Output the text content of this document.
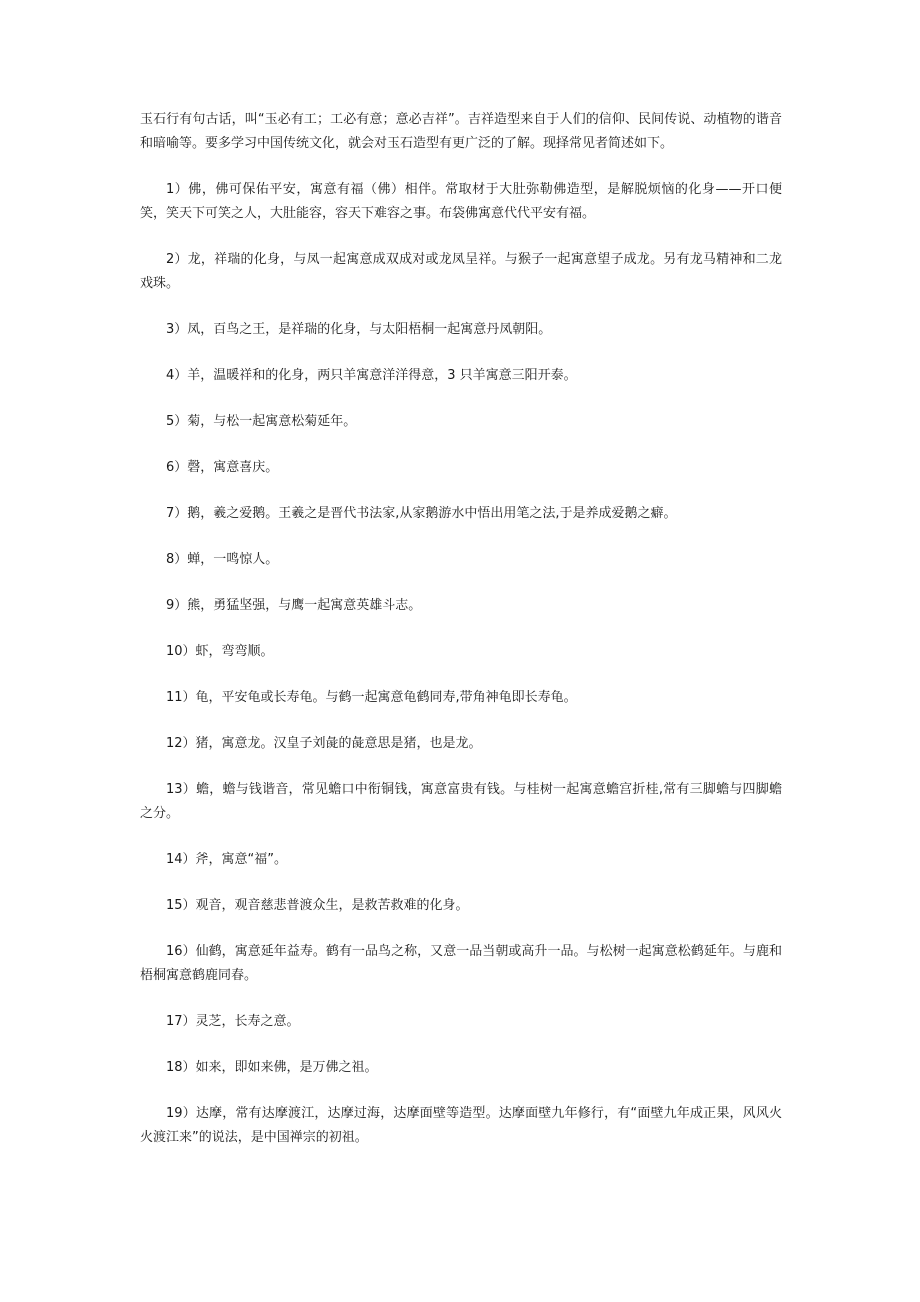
玉石行有句古话，叫“玉必有工；工必有意；意必吉祥”。吉祥造型来自于人们的信仰、民间传说、动植物的谐音和暗喻等。要多学习中国传统文化，就会对玉石造型有更广泛的了解。现择常见者简述如下。

1）佛，佛可保佑平安，寓意有福（佛）相伴。常取材于大肚弥勒佛造型，是解脱烦恼的化身——开口便笑，笑天下可笑之人，大肚能容，容天下难容之事。布袋佛寓意代代平安有福。

2）龙，祥瑞的化身，与凤一起寓意成双成对或龙凤呈祥。与猴子一起寓意望子成龙。另有龙马精神和二龙戏珠。

3）凤，百鸟之王，是祥瑞的化身，与太阳梧桐一起寓意丹凤朝阳。

4）羊，温暖祥和的化身，两只羊寓意洋洋得意，3 只羊寓意三阳开泰。

5）菊，与松一起寓意松菊延年。

6）磬，寓意喜庆。

7）鹅，羲之爱鹅。王羲之是晋代书法家,从家鹅游水中悟出用笔之法,于是养成爱鹅之癖。

8）蝉，一鸣惊人。

9）熊，勇猛坚强，与鹰一起寓意英雄斗志。

10）虾，弯弯顺。

11）龟，平安龟或长寿龟。与鹤一起寓意龟鹤同寿,带角神龟即长寿龟。

12）猪，寓意龙。汉皇子刘彘的彘意思是猪，也是龙。

13）蟾，蟾与钱谐音，常见蟾口中衔铜钱，寓意富贵有钱。与桂树一起寓意蟾宫折桂,常有三脚蟾与四脚蟾之分。

14）斧，寓意“福”。

15）观音，观音慈悲普渡众生，是救苦救难的化身。

16）仙鹤，寓意延年益寿。鹤有一品鸟之称，又意一品当朝或高升一品。与松树一起寓意松鹤延年。与鹿和梧桐寓意鹤鹿同春。

17）灵芝，长寿之意。

18）如来，即如来佛，是万佛之祖。

19）达摩，常有达摩渡江，达摩过海，达摩面壁等造型。达摩面壁九年修行，有“面壁九年成正果，风风火火渡江来”的说法，是中国禅宗的初祖。
